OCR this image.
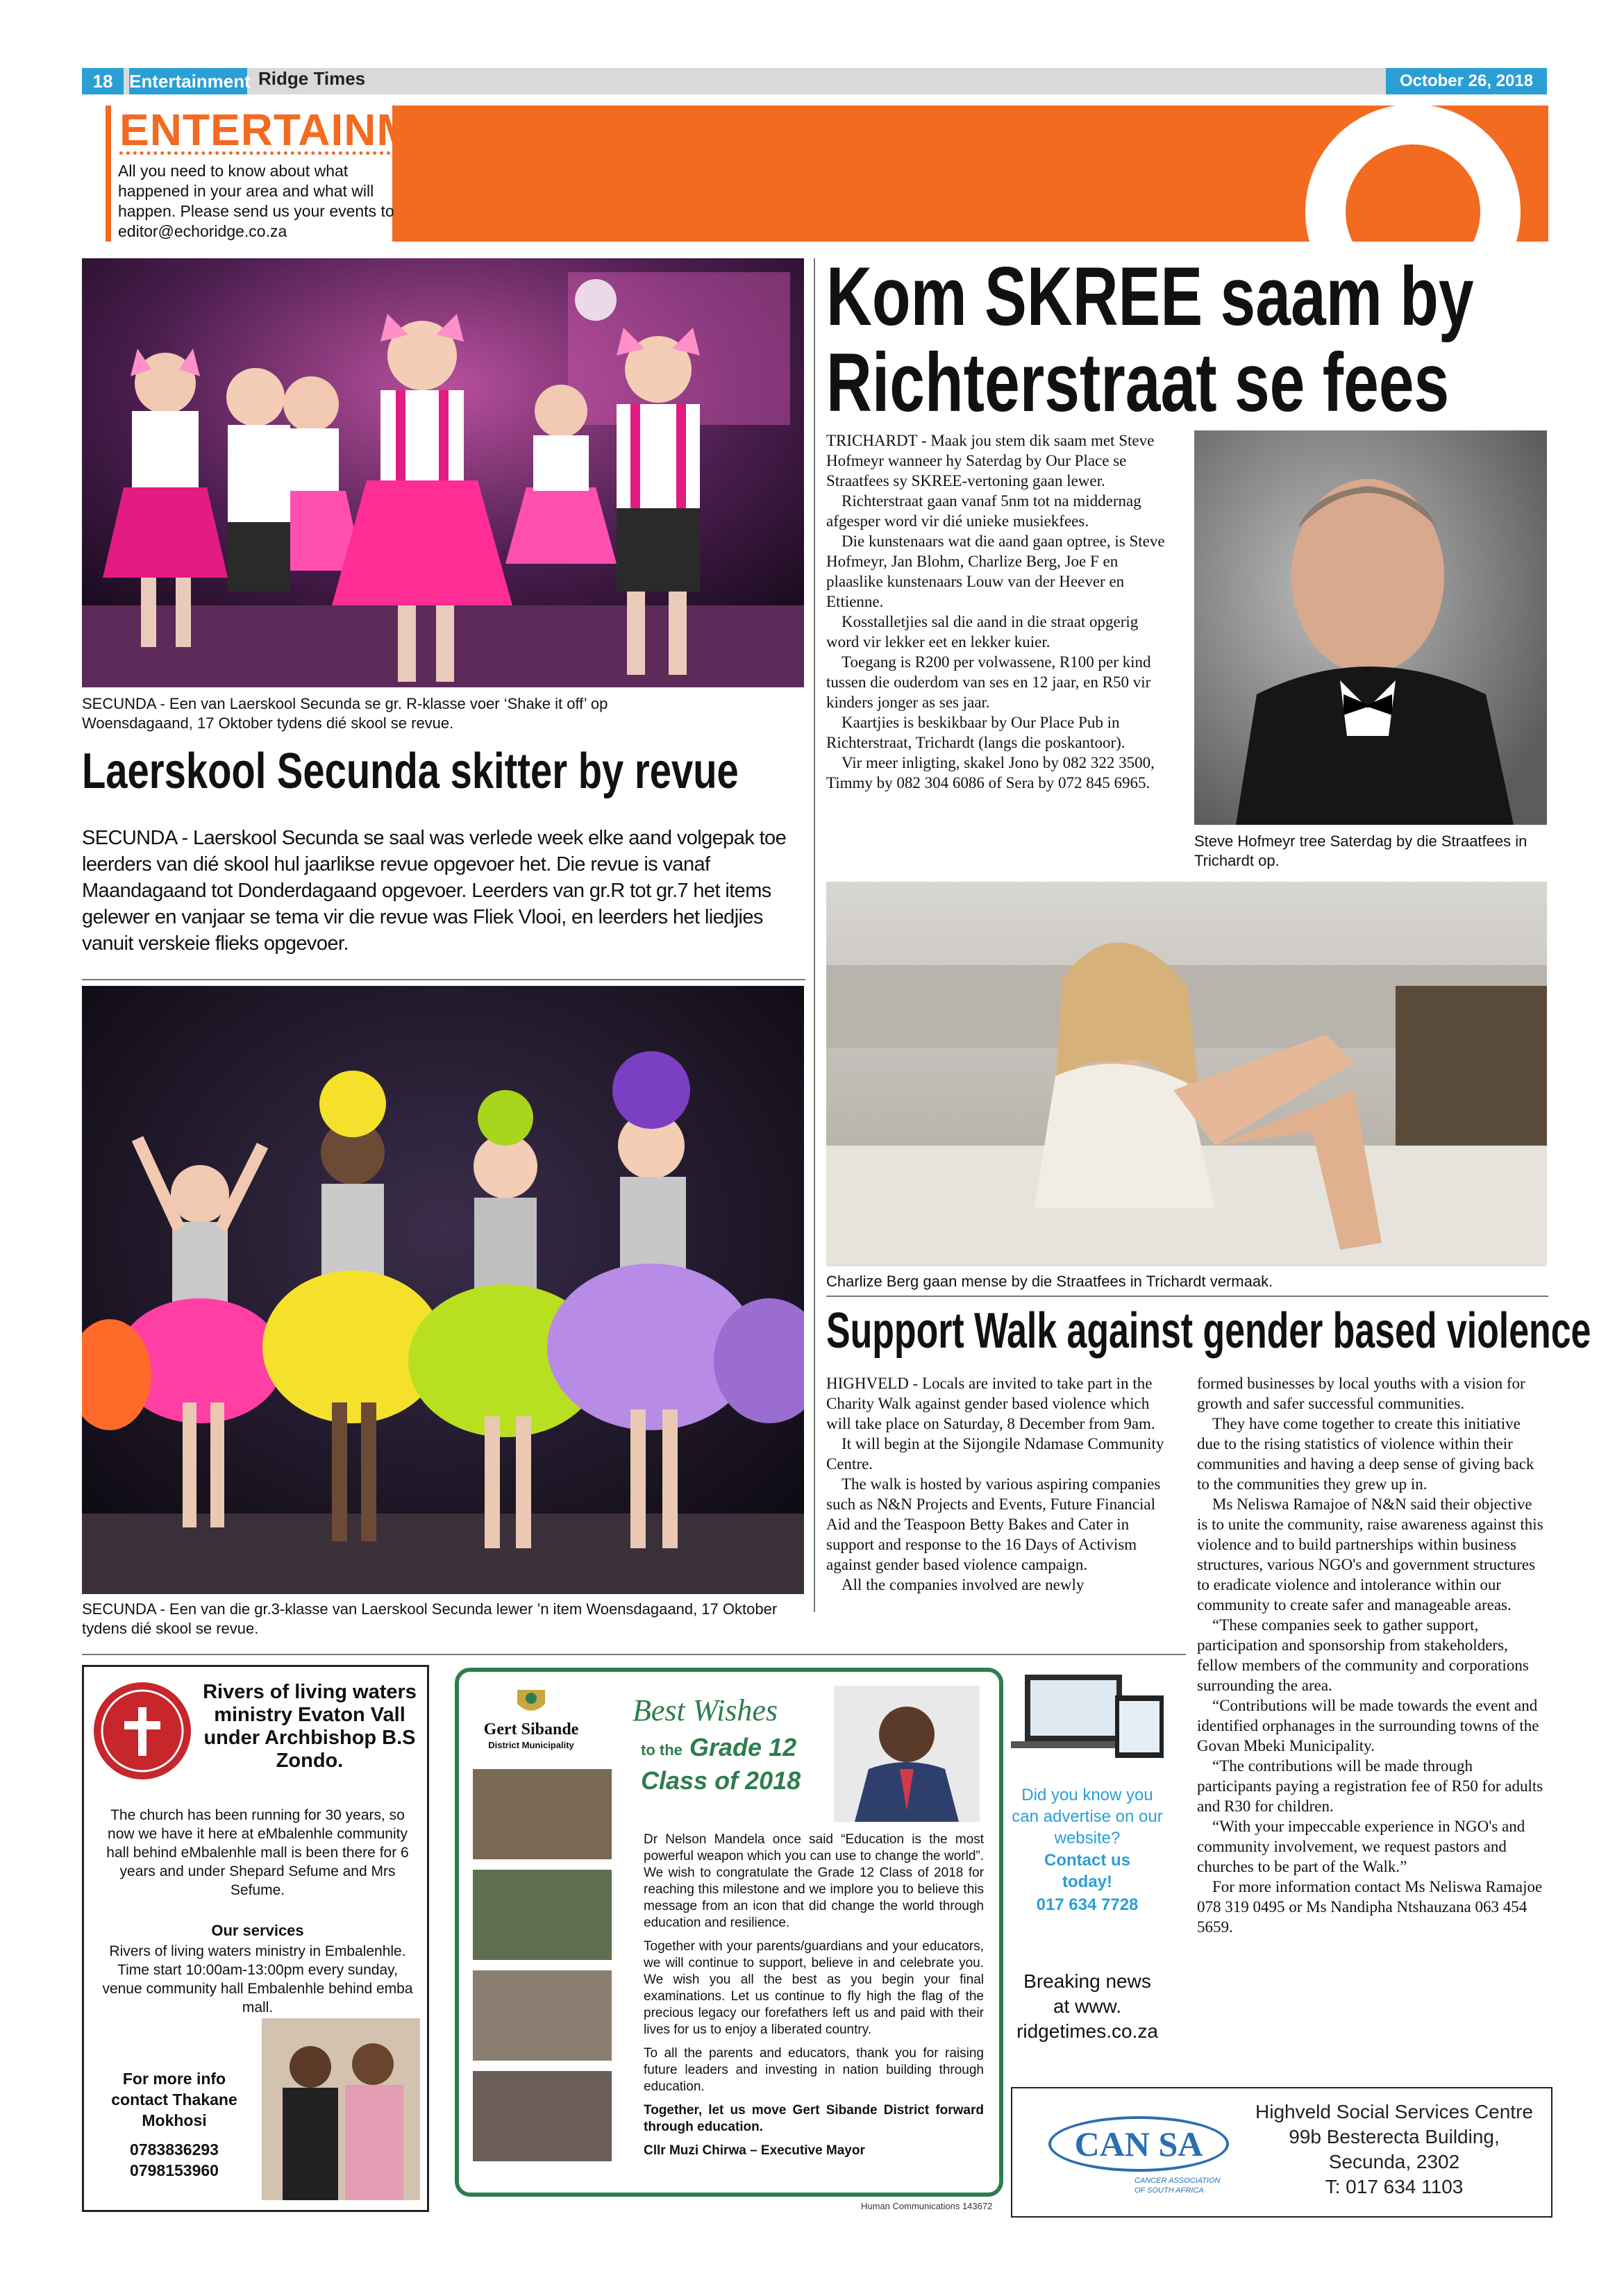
18 Entertainment Ridge Times	October 26, 2018
ENTERTAINMENT
All you need to know about what happened in your area and what will happen. Please send us your events to editor@echoridge.co.za
SECUNDA - Een van Laerskool Secunda se gr. R-klasse voer ‘Shake it off’ op Woensdagaand, 17 Oktober tydens dié skool se revue.
Laerskool Secunda skitter by revue
SECUNDA - Laerskool Secunda se saal was verlede week elke aand volgepak toe leerders van dié skool hul jaarlikse revue opgevoer het. Die revue is vanaf Maandagaand tot Donderdagaand opgevoer. Leerders van gr.R tot gr.7 het items gelewer en vanjaar se tema vir die revue was Fliek Vlooi, en leerders het liedjies vanuit verskeie flieks opgevoer.
SECUNDA - Een van die gr.3-klasse van Laerskool Secunda lewer ’n item Woensdagaand, 17 Oktober tydens dié skool se revue.
Kom SKREE saam by
Richterstraat se fees

TRICHARDT - Maak jou stem dik saam met Steve Hofmeyr wanneer hy Saterdag by Our Place se Straatfees sy SKREE-vertoning gaan lewer.

Richterstraat gaan vanaf 5nm tot na middernag afgesper word vir dié unieke musiekfees.

Die kunstenaars wat die aand gaan optree, is Steve Hofmeyr, Jan Blohm, Charlize Berg, Joe F en plaaslike kunstenaars Louw van der Heever en Ettienne.

Kosstalletjies sal die aand in die straat opgerig word vir lekker eet en lekker kuier.

Toegang is R200 per volwassene, R100 per kind tussen die ouderdom van ses en 12 jaar, en R50 vir kinders jonger as ses jaar.

Kaartjies is beskikbaar by Our Place Pub in Richterstraat, Trichardt (langs die poskantoor).

Vir meer inligting, skakel Jono by 082 322 3500, Timmy by 082 304 6086 of Sera by 072 845 6965.

Steve Hofmeyr tree Saterdag by die Straatfees in Trichardt op.
Charlize Berg gaan mense by die Straatfees in Trichardt vermaak.
Support Walk against gender based violence

HIGHVELD - Locals are invited to take part in the Charity Walk against gender based violence which will take place on Saturday, 8 December from 9am.

It will begin at the Sijongile Ndamase Community Centre.

The walk is hosted by various aspiring companies such as N&N Projects and Events, Future Financial Aid and the Teaspoon Betty Bakes and Cater in support and response to the 16 Days of Activism against gender based violence campaign.

All the companies involved are newly

formed businesses by local youths with a vision for growth and safer successful communities.

They have come together to create this initiative due to the rising statistics of violence within their communities and having a deep sense of giving back to the communities they grew up in.

Ms Neliswa Ramajoe of N&N said their objective is to unite the community, raise awareness against this violence and to build partnerships within business structures, various NGO's and government structures to eradicate violence and intolerance within our community to create safer and manageable areas.

“These companies seek to gather support, participation and sponsorship from stakeholders, fellow members of the community and corporations surrounding the area.

“Contributions will be made towards the event and identified orphanages in the surrounding towns of the Govan Mbeki Municipality.

“The contributions will be made through participants paying a registration fee of R50 for adults and R30 for children.

“With your impeccable experience in NGO's and community involvement, we request pastors and churches to be part of the Walk.”

For more information contact Ms Neliswa Ramajoe 078 319 0495 or Ms Nandipha Ntshauzana 063 454 5659.

Rivers of living waters ministry Evaton Vall under Archbishop B.S Zondo.
The church has been running for 30 years, so now we have it here at eMbalenhle community hall behind eMbalenhle mall is been there for 6 years and under Shepard Sefume and Mrs Sefume.
Our services
Rivers of living waters ministry in Embalenhle. Time start 10:00am-13:00pm every sunday, venue community hall Embalenhle behind emba mall.
For more info contact Thakane Mokhosi
0783836293
0798153960
Gert Sibande
District Municipality
Best Wishes
to the Grade 12
Class of 2018
Dr Nelson Mandela once said “Education is the most powerful weapon which you can use to change the world”. We wish to congratulate the Grade 12 Class of 2018 for reaching this milestone and we implore you to believe this message from an icon that did change the world through education and resilience.
Together with your parents/guardians and your educators, we will continue to support, believe in and celebrate you. We wish you all the best as you begin your final examinations. Let us continue to fly high the flag of the precious legacy our forefathers left us and paid with their lives for us to enjoy a liberated country.
To all the parents and educators, thank you for raising future leaders and investing in nation building through education.
Together, let us move Gert Sibande District forward through education.
Cllr Muzi Chirwa – Executive Mayor
Human Communications 143672
Did you know you can advertise on our website?
Contact us today!
017 634 7728
Breaking news at www. ridgetimes.co.za
CAN SA
CANCER ASSOCIATION OF SOUTH AFRICA
Highveld Social Services Centre
99b Besterecta Building,
Secunda, 2302
T: 017 634 1103
